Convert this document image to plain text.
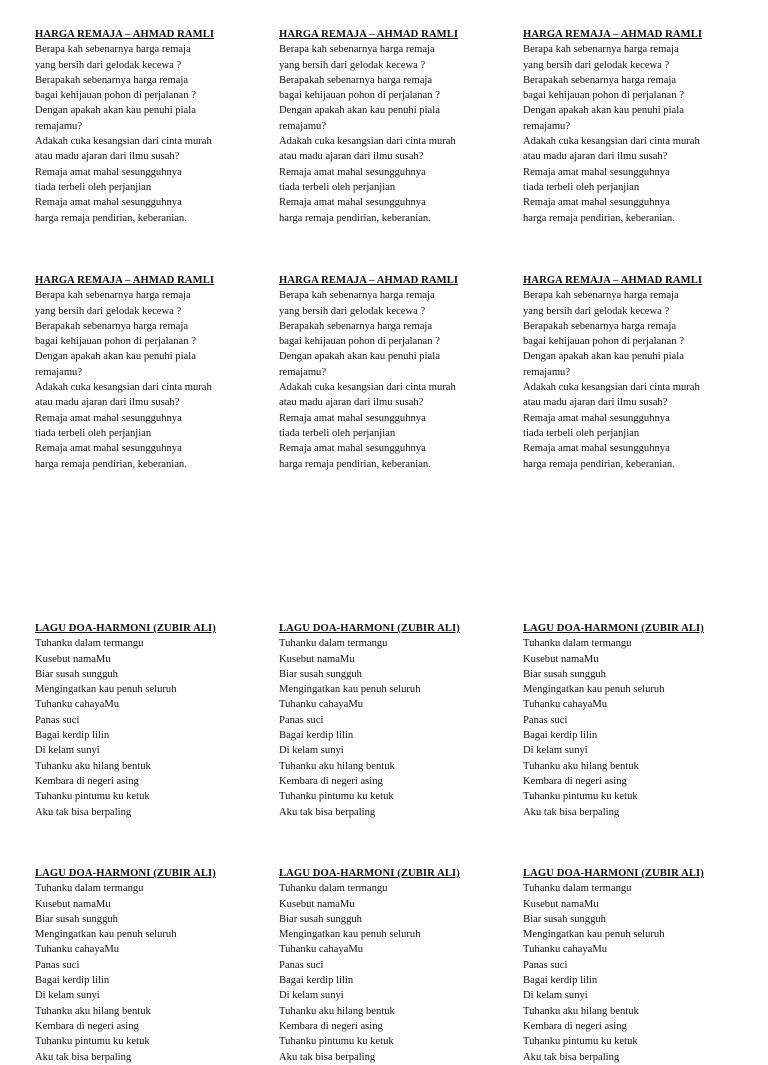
HARGA REMAJA – AHMAD RAMLI
Berapa kah sebenarnya harga remaja
yang bersih dari gelodak kecewa ?
Berapakah sebenarnya harga remaja
bagai kehijauan pohon di perjalanan ?
Dengan apakah akan kau penuhi piala
remajamu?
Adakah cuka kesangsian dari cinta murah
atau madu ajaran dari ilmu susah?
Remaja amat mahal sesungguhnya
tiada terbeli oleh perjanjian
Remaja amat mahal sesungguhnya
harga remaja pendirian, keberanian.
HARGA REMAJA – AHMAD RAMLI
Berapa kah sebenarnya harga remaja
yang bersih dari gelodak kecewa ?
Berapakah sebenarnya harga remaja
bagai kehijauan pohon di perjalanan ?
Dengan apakah akan kau penuhi piala
remajamu?
Adakah cuka kesangsian dari cinta murah
atau madu ajaran dari ilmu susah?
Remaja amat mahal sesungguhnya
tiada terbeli oleh perjanjian
Remaja amat mahal sesungguhnya
harga remaja pendirian, keberanian.
HARGA REMAJA – AHMAD RAMLI
Berapa kah sebenarnya harga remaja
yang bersih dari gelodak kecewa ?
Berapakah sebenarnya harga remaja
bagai kehijauan pohon di perjalanan ?
Dengan apakah akan kau penuhi piala
remajamu?
Adakah cuka kesangsian dari cinta murah
atau madu ajaran dari ilmu susah?
Remaja amat mahal sesungguhnya
tiada terbeli oleh perjanjian
Remaja amat mahal sesungguhnya
harga remaja pendirian, keberanian.
HARGA REMAJA – AHMAD RAMLI
Berapa kah sebenarnya harga remaja
yang bersih dari gelodak kecewa ?
Berapakah sebenarnya harga remaja
bagai kehijauan pohon di perjalanan ?
Dengan apakah akan kau penuhi piala
remajamu?
Adakah cuka kesangsian dari cinta murah
atau madu ajaran dari ilmu susah?
Remaja amat mahal sesungguhnya
tiada terbeli oleh perjanjian
Remaja amat mahal sesungguhnya
harga remaja pendirian, keberanian.
HARGA REMAJA – AHMAD RAMLI
Berapa kah sebenarnya harga remaja
yang bersih dari gelodak kecewa ?
Berapakah sebenarnya harga remaja
bagai kehijauan pohon di perjalanan ?
Dengan apakah akan kau penuhi piala
remajamu?
Adakah cuka kesangsian dari cinta murah
atau madu ajaran dari ilmu susah?
Remaja amat mahal sesungguhnya
tiada terbeli oleh perjanjian
Remaja amat mahal sesungguhnya
harga remaja pendirian, keberanian.
HARGA REMAJA – AHMAD RAMLI
Berapa kah sebenarnya harga remaja
yang bersih dari gelodak kecewa ?
Berapakah sebenarnya harga remaja
bagai kehijauan pohon di perjalanan ?
Dengan apakah akan kau penuhi piala
remajamu?
Adakah cuka kesangsian dari cinta murah
atau madu ajaran dari ilmu susah?
Remaja amat mahal sesungguhnya
tiada terbeli oleh perjanjian
Remaja amat mahal sesungguhnya
harga remaja pendirian, keberanian.
LAGU DOA-HARMONI (ZUBIR ALI)
Tuhanku dalam termangu
Kusebut namaMu
Biar susah sungguh
Mengingatkan kau penuh seluruh
Tuhanku cahayaMu
Panas suci
Bagai kerdip lilin
Di kelam sunyi
Tuhanku aku hilang bentuk
Kembara di negeri asing
Tuhanku pintumu ku ketuk
Aku tak bisa berpaling
LAGU DOA-HARMONI (ZUBIR ALI)
Tuhanku dalam termangu
Kusebut namaMu
Biar susah sungguh
Mengingatkan kau penuh seluruh
Tuhanku cahayaMu
Panas suci
Bagai kerdip lilin
Di kelam sunyi
Tuhanku aku hilang bentuk
Kembara di negeri asing
Tuhanku pintumu ku ketuk
Aku tak bisa berpaling
LAGU DOA-HARMONI (ZUBIR ALI)
Tuhanku dalam termangu
Kusebut namaMu
Biar susah sungguh
Mengingatkan kau penuh seluruh
Tuhanku cahayaMu
Panas suci
Bagai kerdip lilin
Di kelam sunyi
Tuhanku aku hilang bentuk
Kembara di negeri asing
Tuhanku pintumu ku ketuk
Aku tak bisa berpaling
LAGU DOA-HARMONI (ZUBIR ALI)
Tuhanku dalam termangu
Kusebut namaMu
Biar susah sungguh
Mengingatkan kau penuh seluruh
Tuhanku cahayaMu
Panas suci
Bagai kerdip lilin
Di kelam sunyi
Tuhanku aku hilang bentuk
Kembara di negeri asing
Tuhanku pintumu ku ketuk
Aku tak bisa berpaling
LAGU DOA-HARMONI (ZUBIR ALI)
Tuhanku dalam termangu
Kusebut namaMu
Biar susah sungguh
Mengingatkan kau penuh seluruh
Tuhanku cahayaMu
Panas suci
Bagai kerdip lilin
Di kelam sunyi
Tuhanku aku hilang bentuk
Kembara di negeri asing
Tuhanku pintumu ku ketuk
Aku tak bisa berpaling
LAGU DOA-HARMONI (ZUBIR ALI)
Tuhanku dalam termangu
Kusebut namaMu
Biar susah sungguh
Mengingatkan kau penuh seluruh
Tuhanku cahayaMu
Panas suci
Bagai kerdip lilin
Di kelam sunyi
Tuhanku aku hilang bentuk
Kembara di negeri asing
Tuhanku pintumu ku ketuk
Aku tak bisa berpaling
